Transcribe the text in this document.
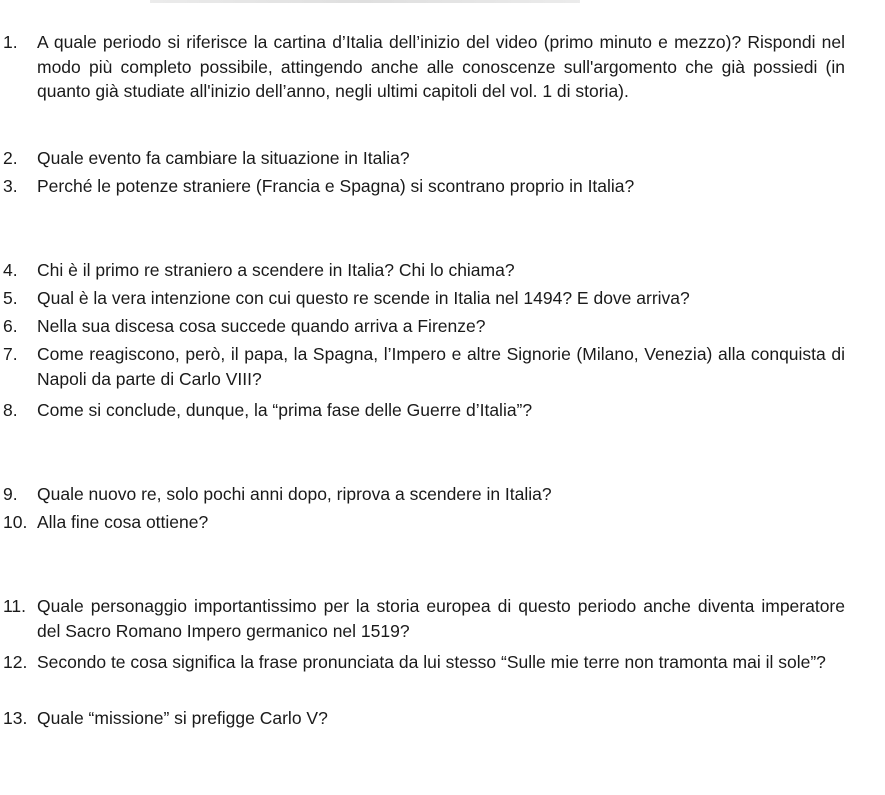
1. A quale periodo si riferisce la cartina d’Italia dell’inizio del video (primo minuto e mezzo)? Rispondi nel modo più completo possibile, attingendo anche alle conoscenze sull'argomento che già possiedi (in quanto già studiate all'inizio dell’anno, negli ultimi capitoli del vol. 1 di storia).
2. Quale evento fa cambiare la situazione in Italia?
3. Perché le potenze straniere (Francia e Spagna) si scontrano proprio in Italia?
4. Chi è il primo re straniero a scendere in Italia? Chi lo chiama?
5. Qual è la vera intenzione con cui questo re scende in Italia nel 1494? E dove arriva?
6. Nella sua discesa cosa succede quando arriva a Firenze?
7. Come reagiscono, però, il papa, la Spagna, l’Impero e altre Signorie (Milano, Venezia) alla conquista di Napoli da parte di Carlo VIII?
8. Come si conclude, dunque, la “prima fase delle Guerre d’Italia”?
9. Quale nuovo re, solo pochi anni dopo, riprova a scendere in Italia?
10. Alla fine cosa ottiene?
11. Quale personaggio importantissimo per la storia europea di questo periodo anche diventa imperatore del Sacro Romano Impero germanico nel 1519?
12. Secondo te cosa significa la frase pronunciata da lui stesso “Sulle mie terre non tramonta mai il sole”?
13. Quale “missione” si prefigge Carlo V?
